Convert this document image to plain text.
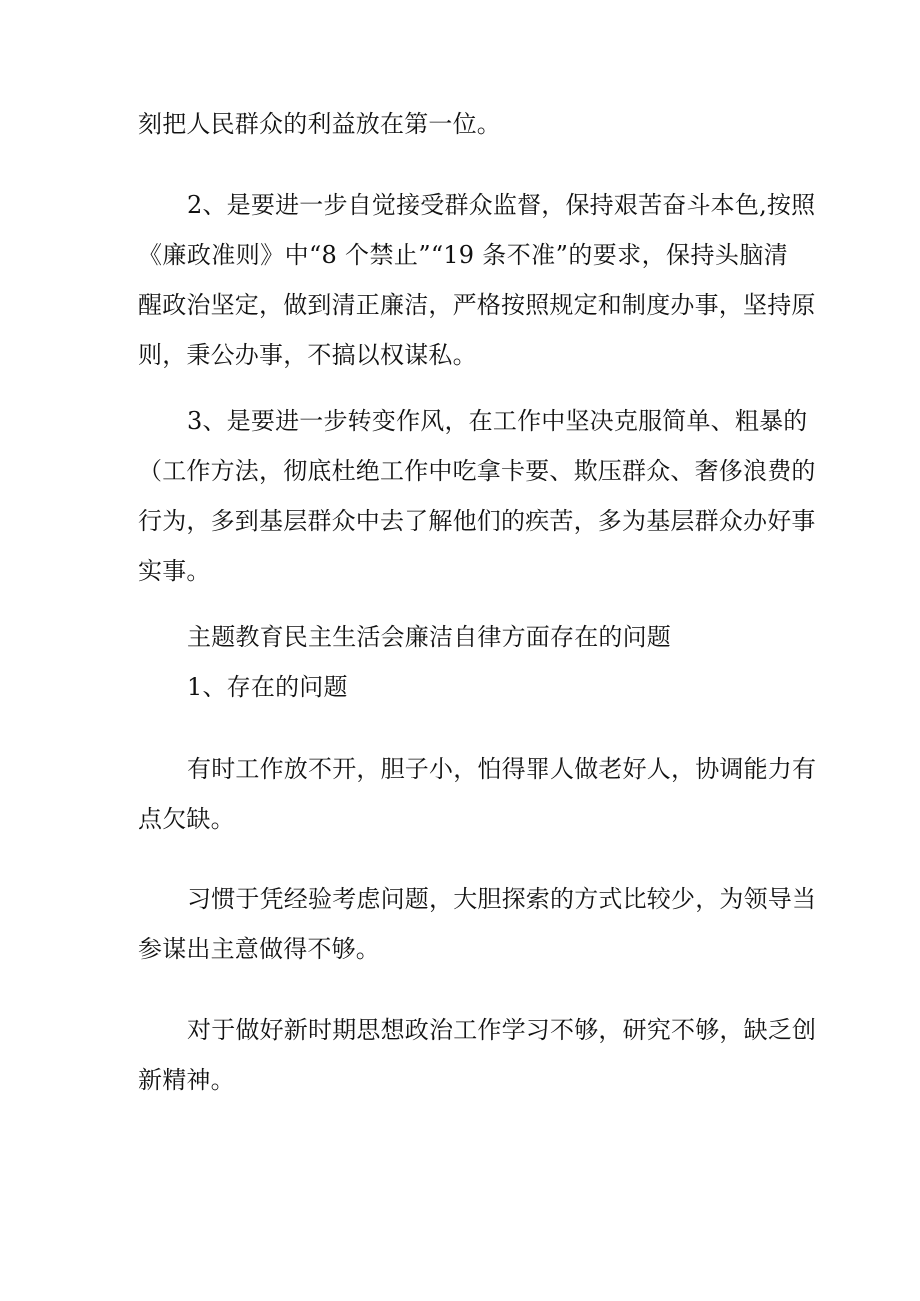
刻把人民群众的利益放在第一位。
2、是要进一步自觉接受群众监督，保持艰苦奋斗本色,按照
《廉政准则》中“8 个禁止”“19 条不准”的要求，保持头脑清
醒政治坚定，做到清正廉洁，严格按照规定和制度办事，坚持原
则，秉公办事，不搞以权谋私。
3、是要进一步转变作风，在工作中坚决克服简单、粗暴的
（工作方法，彻底杜绝工作中吃拿卡要、欺压群众、奢侈浪费的
行为，多到基层群众中去了解他们的疾苦，多为基层群众办好事
实事。
主题教育民主生活会廉洁自律方面存在的问题
1、存在的问题
有时工作放不开，胆子小，怕得罪人做老好人，协调能力有
点欠缺。
习惯于凭经验考虑问题，大胆探索的方式比较少，为领导当
参谋出主意做得不够。
对于做好新时期思想政治工作学习不够，研究不够，缺乏创
新精神。
